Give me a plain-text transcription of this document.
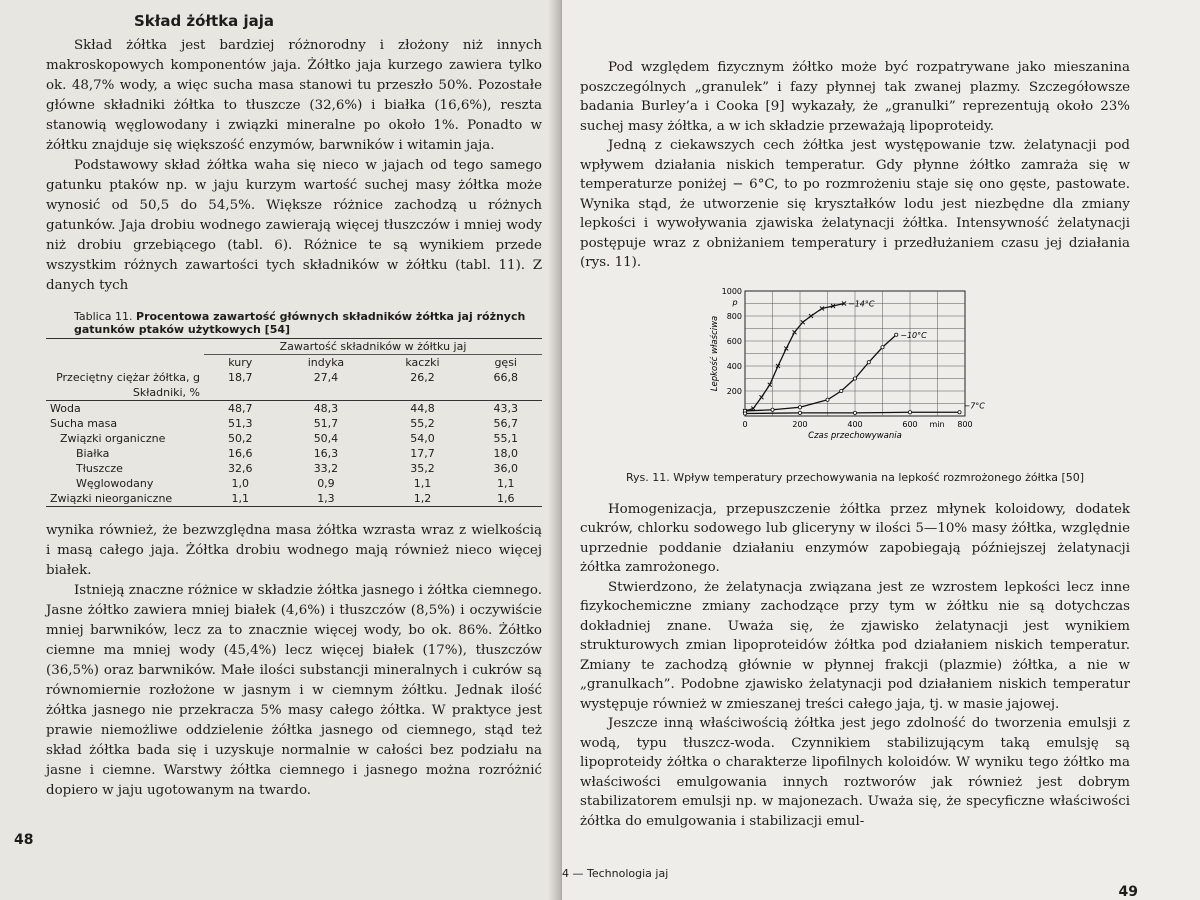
Skład żółtka jaja

Skład żółtka jest bardziej różnorodny i złożony niż innych makroskopowych komponentów jaja. Żółtko jaja kurzego zawiera tylko ok. 48,7% wody, a więc sucha masa stanowi tu przeszło 50%. Pozostałe główne składniki żółtka to tłuszcze (32,6%) i białka (16,6%), reszta stanowią węglowodany i związki mineralne po około 1%. Ponadto w żółtku znajduje się większość enzymów, barwników i witamin jaja.

Podstawowy skład żółtka waha się nieco w jajach od tego samego gatunku ptaków np. w jaju kurzym wartość suchej masy żółtka może wynosić od 50,5 do 54,5%. Większe różnice zachodzą u różnych gatunków. Jaja drobiu wodnego zawierają więcej tłuszczów i mniej wody niż drobiu grzebiącego (tabl. 6). Różnice te są wynikiem przede wszystkim różnych zawartości tych składników w żółtku (tabl. 11). Z danych tych

Tablica 11. Procentowa zawartość głównych składników żółtka jaj różnych gatunków ptaków użytkowych [54]
	Zawartość składników w żółtku jaj			
	kury	indyka	kaczki	gęsi
Przeciętny ciężar żółtka, g	18,7	27,4	26,2	66,8
Składniki, %				
Woda	48,7	48,3	44,8	43,3
Sucha masa	51,3	51,7	55,2	56,7
Związki organiczne	50,2	50,4	54,0	55,1
Białka	16,6	16,3	17,7	18,0
Tłuszcze	32,6	33,2	35,2	36,0
Węglowodany	1,0	0,9	1,1	1,1
Związki nieorganiczne	1,1	1,3	1,2	1,6

wynika również, że bezwzględna masa żółtka wzrasta wraz z wielkością i masą całego jaja. Żółtka drobiu wodnego mają również nieco więcej białek.

Istnieją znaczne różnice w składzie żółtka jasnego i żółtka ciemnego. Jasne żółtko zawiera mniej białek (4,6%) i tłuszczów (8,5%) i oczywiście mniej barwników, lecz za to znacznie więcej wody, bo ok. 86%. Żółtko ciemne ma mniej wody (45,4%) lecz więcej białek (17%), tłuszczów (36,5%) oraz barwników. Małe ilości substancji mineralnych i cukrów są równomiernie rozłożone w jasnym i w ciemnym żółtku. Jednak ilość żółtka jasnego nie przekracza 5% masy całego żółtka. W praktyce jest prawie niemożliwe oddzielenie żółtka jasnego od ciemnego, stąd też skład żółtka bada się i uzyskuje normalnie w całości bez podziału na jasne i ciemne. Warstwy żółtka ciemnego i jasnego można rozróżnić dopiero w jaju ugotowanym na twardo.

48

Pod względem fizycznym żółtko może być rozpatrywane jako mieszanina poszczególnych „granulek” i fazy płynnej tak zwanej plazmy. Szczegółowsze badania Burley’a i Cooka [9] wykazały, że „granulki” reprezentują około 23% suchej masy żółtka, a w ich składzie przeważają lipoproteidy.

Jedną z ciekawszych cech żółtka jest występowanie tzw. żelatynacji pod wpływem działania niskich temperatur. Gdy płynne żółtko zamraża się w temperaturze poniżej − 6°C, to po rozmrożeniu staje się ono gęste, pastowate. Wynika stąd, że utworzenie się kryształków lodu jest niezbędne dla zmiany lepkości i wywoływania zjawiska żelatynacji żółtka. Intensywność żelatynacji postępuje wraz z obniżaniem temperatury i przedłużaniem czasu jej działania (rys. 11).

0	200	400	600	800
min
200
400
600
800
1000
p
Czas przechowywania
Lepkość właściwa
−14°C
−10°C
−7°C
Rys. 11. Wpływ temperatury przechowywania na lepkość rozmrożonego żółtka [50]

Homogenizacja, przepuszczenie żółtka przez młynek koloidowy, dodatek cukrów, chlorku sodowego lub gliceryny w ilości 5—10% masy żółtka, względnie uprzednie poddanie działaniu enzymów zapobiegają późniejszej żelatynacji żółtka zamrożonego.

Stwierdzono, że żelatynacja związana jest ze wzrostem lepkości lecz inne fizykochemiczne zmiany zachodzące przy tym w żółtku nie są dotychczas dokładniej znane. Uważa się, że zjawisko żelatynacji jest wynikiem strukturowych zmian lipoproteidów żółtka pod działaniem niskich temperatur. Zmiany te zachodzą głównie w płynnej frakcji (plazmie) żółtka, a nie w „granulkach”. Podobne zjawisko żelatynacji pod działaniem niskich temperatur występuje również w zmieszanej treści całego jaja, tj. w masie jajowej.

Jeszcze inną właściwością żółtka jest jego zdolność do tworzenia emulsji z wodą, typu tłuszcz-woda. Czynnikiem stabilizującym taką emulsję są lipoproteidy żółtka o charakterze lipofilnych koloidów. W wyniku tego żółtko ma właściwości emulgowania innych roztworów jak również jest dobrym stabilizatorem emulsji np. w majonezach. Uważa się, że specyficzne właściwości żółtka do emulgowania i stabilizacji emul-

4 — Technologia jaj
49
